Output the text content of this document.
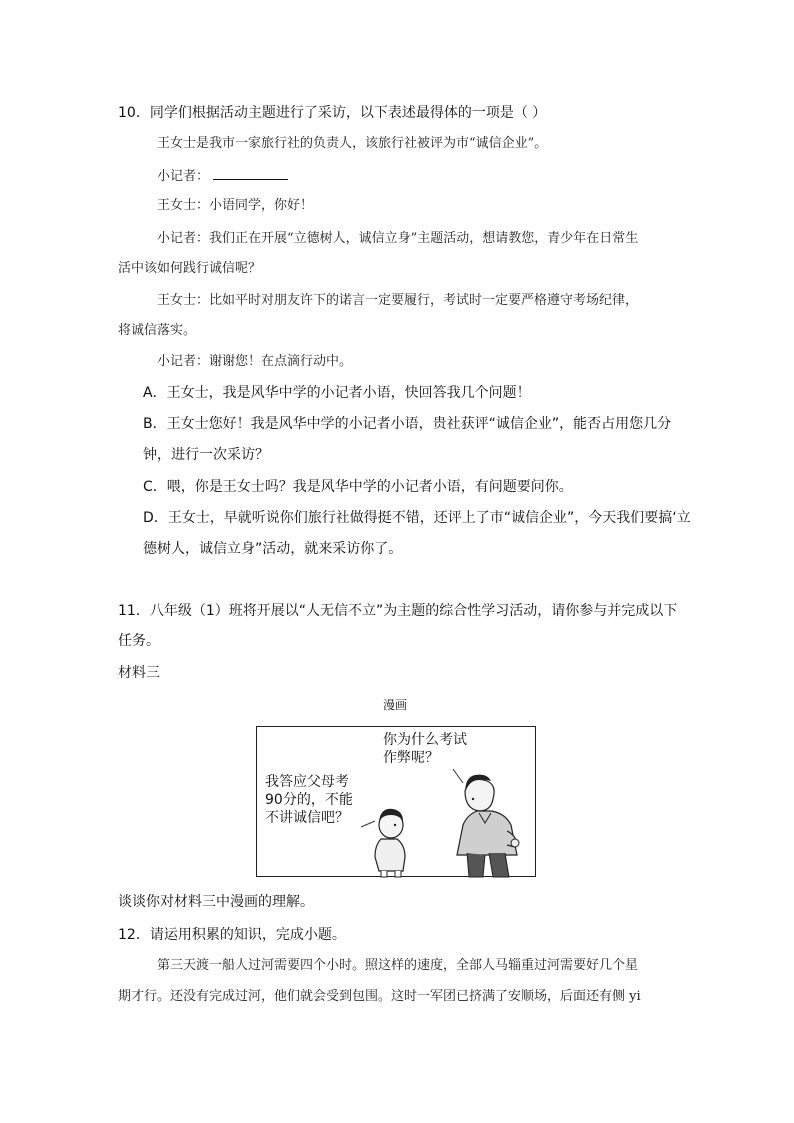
10．同学们根据活动主题进行了采访，以下表述最得体的一项是（ ）
王女士是我市一家旅行社的负责人，该旅行社被评为市“诚信企业”。
小记者：
王女士：小语同学，你好！
小记者：我们正在开展“立德树人，诚信立身”主题活动，想请教您，青少年在日常生
活中该如何践行诚信呢？
王女士：比如平时对朋友许下的诺言一定要履行，考试时一定要严格遵守考场纪律，
将诚信落实。
小记者：谢谢您！在点滴行动中。
A．王女士，我是风华中学的小记者小语，快回答我几个问题！
B．王女士您好！我是风华中学的小记者小语，贵社获评“诚信企业”，能否占用您几分
钟，进行一次采访？
C．喂，你是王女士吗？我是风华中学的小记者小语，有问题要问你。
D．王女士，早就听说你们旅行社做得挺不错，还评上了市“诚信企业”，今天我们要搞‘立
德树人，诚信立身”活动，就来采访你了。
11．八年级（1）班将开展以“人无信不立”为主题的综合性学习活动，请你参与并完成以下
任务。
材料三
漫画
你为什么考试
作弊呢？
我答应父母考
90分的，不能
不讲诚信吧？
谈谈你对材料三中漫画的理解。
12．请运用积累的知识，完成小题。
第三天渡一船人过河需要四个小时。照这样的速度，全部人马辎重过河需要好几个星
期才行。还没有完成过河，他们就会受到包围。这时一军团已挤满了安顺场，后面还有侧 yi
